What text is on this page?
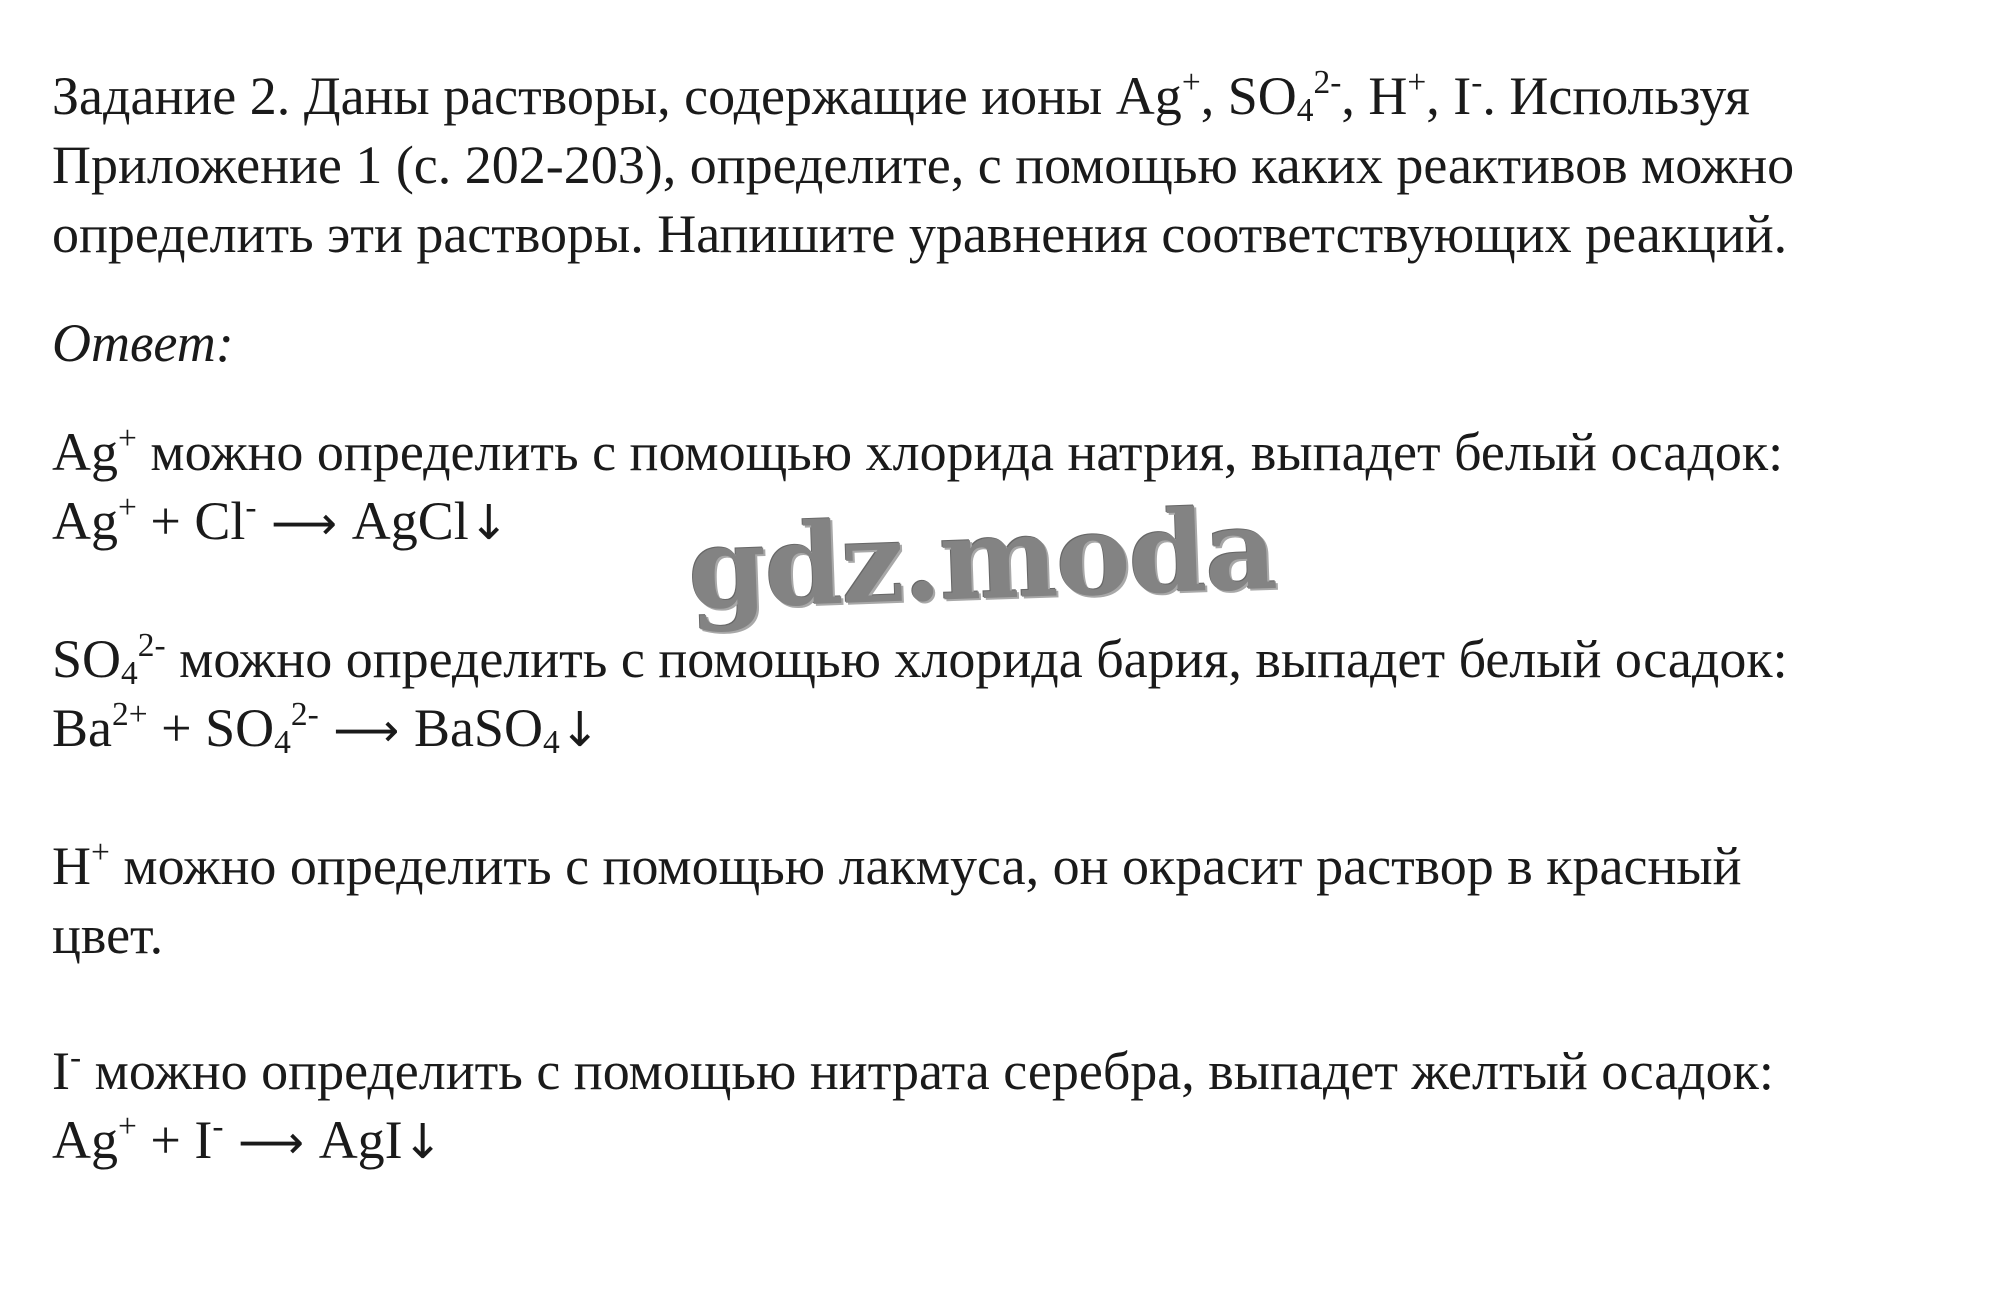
Задание 2. Даны растворы, содержащие ионы Ag+, $SO_4^{2-}$, H+, I-. Используя
Приложение 1 (с. 202-203), определите, с помощью каких реактивов можно
определить эти растворы. Напишите уравнения соответствующих реакций.
Ответ:
Ag+ можно определить с помощью хлорида натрия, выпадет белый осадок:
Ag+ + Cl- ⟶ AgCl↓
$SO_4^{2-}$ можно определить с помощью хлорида бария, выпадет белый осадок:
$Ba^{2+} + SO_4^{2-}$ ⟶ BaSO$_4$↓
H+ можно определить с помощью лакмуса, он окрасит раствор в красный
цвет.
I- можно определить с помощью нитрата серебра, выпадет желтый осадок:
Ag+ + I- ⟶ AgI↓
gdz.moda
